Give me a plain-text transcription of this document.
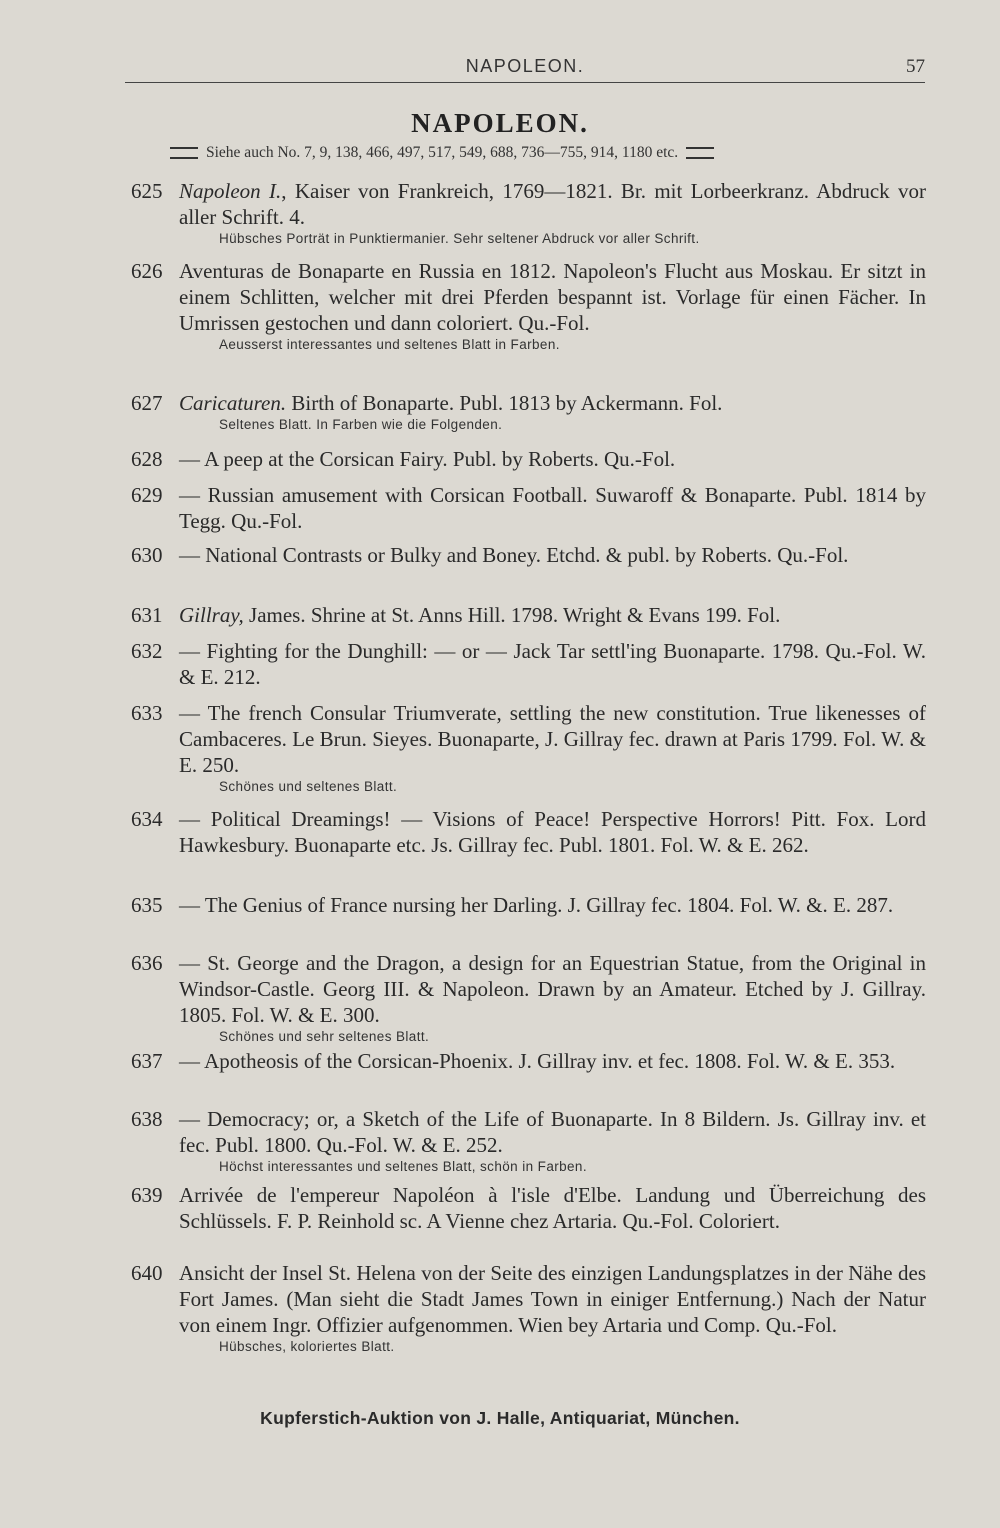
NAPOLEON.	57
NAPOLEON.
Siehe auch No. 7, 9, 138, 466, 497, 517, 549, 688, 736—755, 914, 1180 etc.
625 Napoleon I., Kaiser von Frankreich, 1769—1821. Br. mit Lorbeerkranz. Abdruck vor aller Schrift. 4.
Hübsches Porträt in Punktiermanier. Sehr seltener Abdruck vor aller Schrift.
626 Aventuras de Bonaparte en Russia en 1812. Napoleon's Flucht aus Moskau. Er sitzt in einem Schlitten, welcher mit drei Pferden bespannt ist. Vorlage für einen Fächer. In Umrissen gestochen und dann coloriert. Qu.-Fol.
Aeusserst interessantes und seltenes Blatt in Farben.
627 Caricaturen. Birth of Bonaparte. Publ. 1813 by Ackermann. Fol.
Seltenes Blatt. In Farben wie die Folgenden.
628 — A peep at the Corsican Fairy. Publ. by Roberts. Qu.-Fol.
629 — Russian amusement with Corsican Football. Suwaroff & Bonaparte. Publ. 1814 by Tegg. Qu.-Fol.
630 — National Contrasts or Bulky and Boney. Etchd. & publ. by Roberts. Qu.-Fol.
631 Gillray, James. Shrine at St. Anns Hill. 1798. Wright & Evans 199. Fol.
632 — Fighting for the Dunghill: — or — Jack Tar settl'ing Buonaparte. 1798. Qu.-Fol. W. & E. 212.
633 — The french Consular Triumverate, settling the new constitution. True likenesses of Cambaceres. Le Brun. Sieyes. Buonaparte, J. Gillray fec. drawn at Paris 1799. Fol. W. & E. 250.
Schönes und seltenes Blatt.
634 — Political Dreamings! — Visions of Peace! Perspective Horrors! Pitt. Fox. Lord Hawkesbury. Buonaparte etc. Js. Gillray fec. Publ. 1801. Fol. W. & E. 262.
635 — The Genius of France nursing her Darling. J. Gillray fec. 1804. Fol. W. &. E. 287.
636 — St. George and the Dragon, a design for an Equestrian Statue, from the Original in Windsor-Castle. Georg III. & Napoleon. Drawn by an Amateur. Etched by J. Gillray. 1805. Fol. W. & E. 300.
Schönes und sehr seltenes Blatt.
637 — Apotheosis of the Corsican-Phoenix. J. Gillray inv. et fec. 1808. Fol. W. & E. 353.
638 — Democracy; or, a Sketch of the Life of Buonaparte. In 8 Bildern. Js. Gillray inv. et fec. Publ. 1800. Qu.-Fol. W. & E. 252.
Höchst interessantes und seltenes Blatt, schön in Farben.
639 Arrivée de l'empereur Napoléon à l'isle d'Elbe. Landung und Überreichung des Schlüssels. F. P. Reinhold sc. A Vienne chez Artaria. Qu.-Fol. Coloriert.
640 Ansicht der Insel St. Helena von der Seite des einzigen Landungsplatzes in der Nähe des Fort James. (Man sieht die Stadt James Town in einiger Entfernung.) Nach der Natur von einem Ingr. Offizier aufgenommen. Wien bey Artaria und Comp. Qu.-Fol.
Hübsches, koloriertes Blatt.
Kupferstich-Auktion von J. Halle, Antiquariat, München.
